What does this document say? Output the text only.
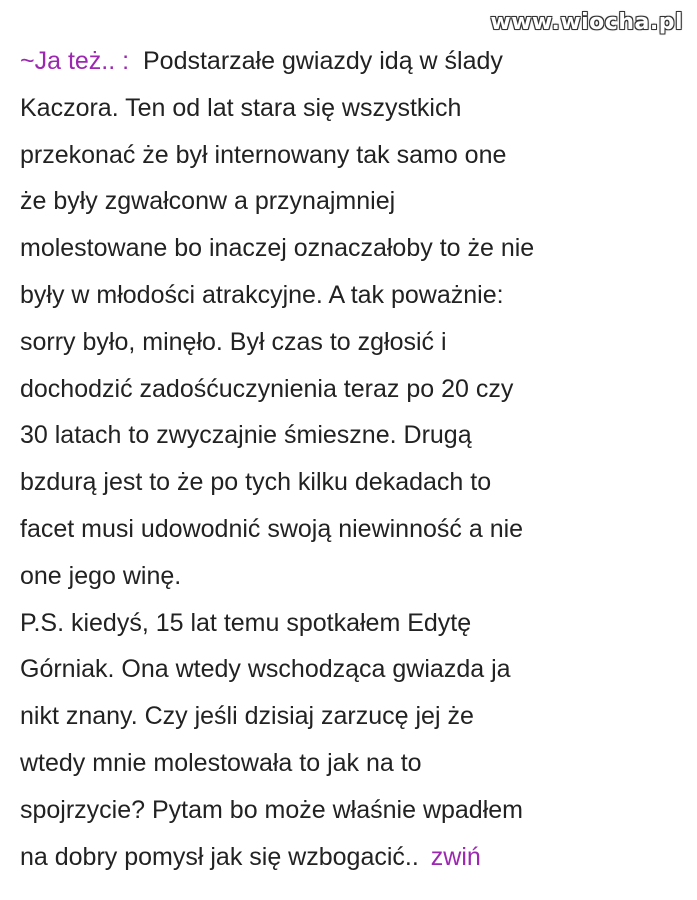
www.wiocha.pl
~Ja też.. : Podstarzałe gwiazdy idą w ślady
Kaczora. Ten od lat stara się wszystkich
przekonać że był internowany tak samo one
że były zgwałconw a przynajmniej
molestowane bo inaczej oznaczałoby to że nie
były w młodości atrakcyjne. A tak poważnie:
sorry było, minęło. Był czas to zgłosić i
dochodzić zadośćuczynienia teraz po 20 czy
30 latach to zwyczajnie śmieszne. Drugą
bzdurą jest to że po tych kilku dekadach to
facet musi udowodnić swoją niewinność a nie
one jego winę.
P.S. kiedyś, 15 lat temu spotkałem Edytę
Górniak. Ona wtedy wschodząca gwiazda ja
nikt znany. Czy jeśli dzisiaj zarzucę jej że
wtedy mnie molestowała to jak na to
spojrzycie? Pytam bo może właśnie wpadłem
na dobry pomysł jak się wzbogacić.. zwiń
